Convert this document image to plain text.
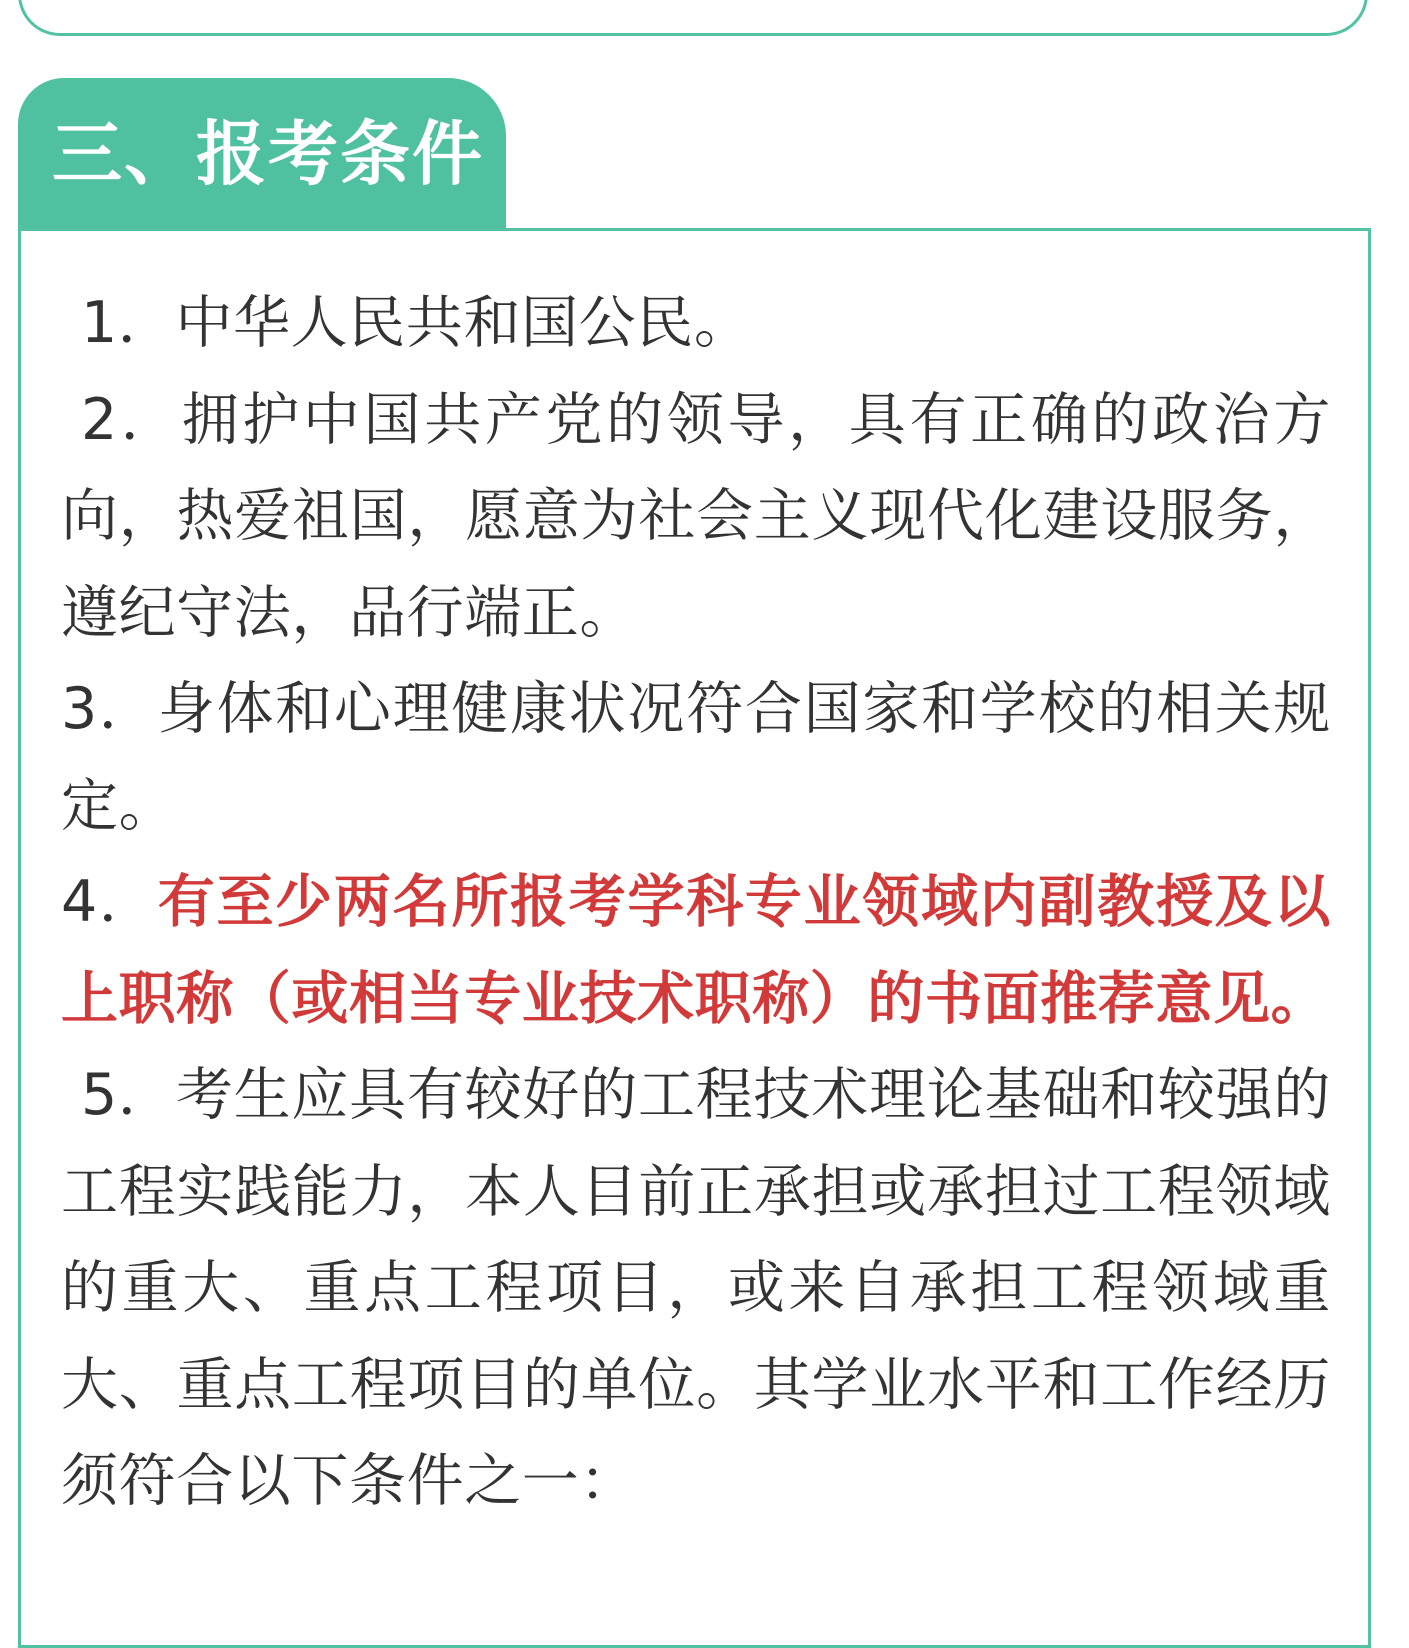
三、报考条件

1．中华人民共和国公民。

2．拥护中国共产党的领导，具有正确的政治方向，热爱祖国，愿意为社会主义现代化建设服务，遵纪守法，品行端正。

3．身体和心理健康状况符合国家和学校的相关规定。

4．有至少两名所报考学科专业领域内副教授及以上职称（或相当专业技术职称）的书面推荐意见。

5．考生应具有较好的工程技术理论基础和较强的工程实践能力，本人目前正承担或承担过工程领域的重大、重点工程项目，或来自承担工程领域重大、重点工程项目的单位。其学业水平和工作经历须符合以下条件之一：
